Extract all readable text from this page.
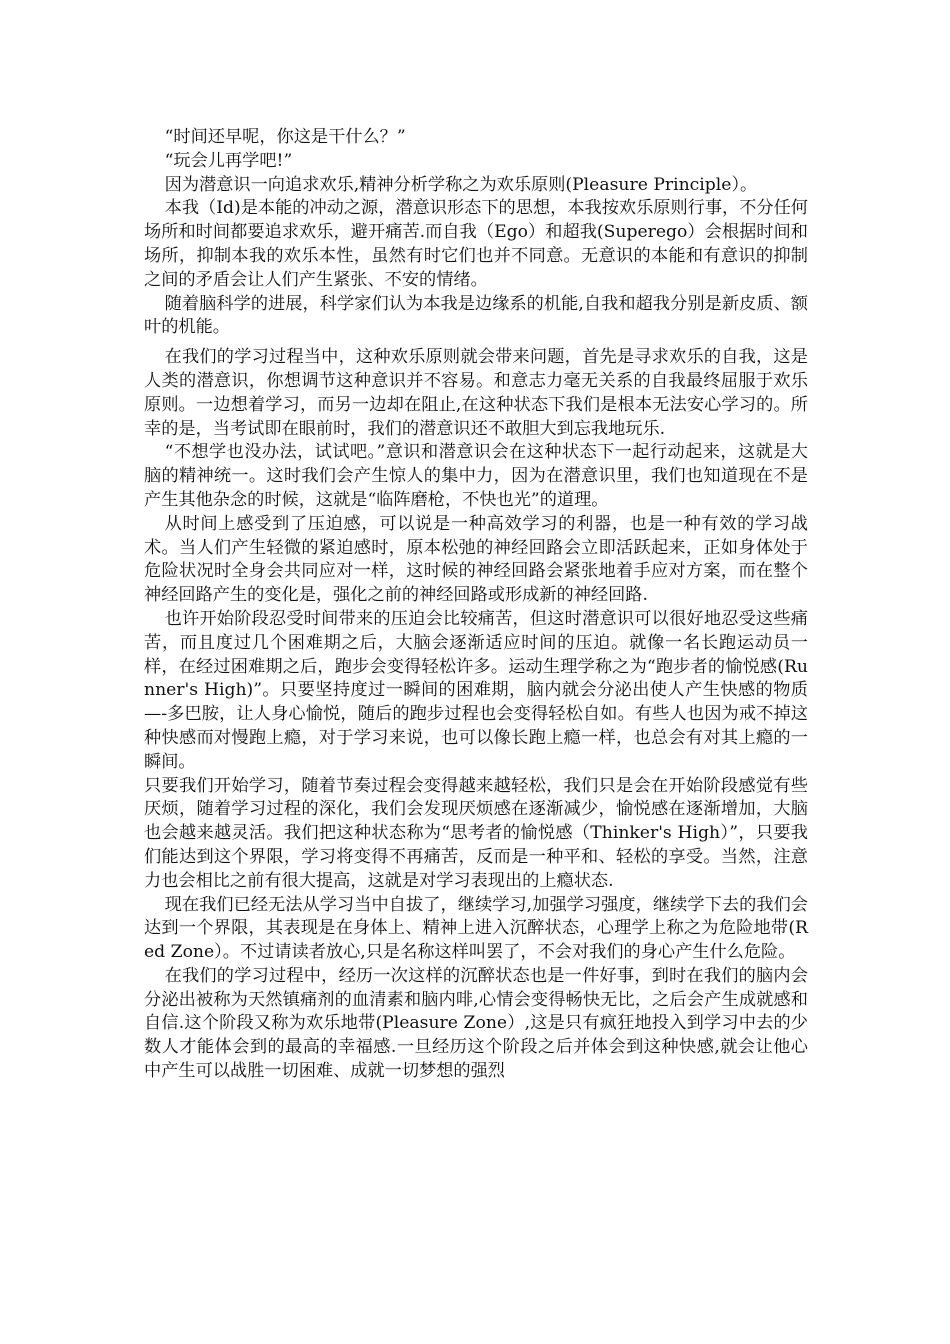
“时间还早呢，你这是干什么？”

“玩会儿再学吧!”

因为潜意识一向追求欢乐,精神分析学称之为欢乐原则(Pleasure Principle）。

本我（Id)是本能的冲动之源，潜意识形态下的思想，本我按欢乐原则行事，不分任何场所和时间都要追求欢乐，避开痛苦.而自我（Ego）和超我(Superego）会根据时间和场所，抑制本我的欢乐本性，虽然有时它们也并不同意。无意识的本能和有意识的抑制之间的矛盾会让人们产生紧张、不安的情绪。

随着脑科学的进展，科学家们认为本我是边缘系的机能,自我和超我分别是新皮质、额叶的机能。

在我们的学习过程当中，这种欢乐原则就会带来问题，首先是寻求欢乐的自我，这是人类的潜意识，你想调节这种意识并不容易。和意志力毫无关系的自我最终屈服于欢乐原则。一边想着学习，而另一边却在阻止,在这种状态下我们是根本无法安心学习的。所幸的是，当考试即在眼前时，我们的潜意识还不敢胆大到忘我地玩乐.

“不想学也没办法，试试吧。”意识和潜意识会在这种状态下一起行动起来，这就是大脑的精神统一。这时我们会产生惊人的集中力，因为在潜意识里，我们也知道现在不是产生其他杂念的时候，这就是“临阵磨枪，不快也光”的道理。

从时间上感受到了压迫感，可以说是一种高效学习的利器，也是一种有效的学习战术。当人们产生轻微的紧迫感时，原本松弛的神经回路会立即活跃起来，正如身体处于危险状况时全身会共同应对一样，这时候的神经回路会紧张地着手应对方案，而在整个神经回路产生的变化是，强化之前的神经回路或形成新的神经回路.

也许开始阶段忍受时间带来的压迫会比较痛苦，但这时潜意识可以很好地忍受这些痛苦，而且度过几个困难期之后，大脑会逐渐适应时间的压迫。就像一名长跑运动员一样，在经过困难期之后，跑步会变得轻松许多。运动生理学称之为“跑步者的愉悦感(Runner's High)”。只要坚持度过一瞬间的困难期，脑内就会分泌出使人产生快感的物质—-多巴胺，让人身心愉悦，随后的跑步过程也会变得轻松自如。有些人也因为戒不掉这种快感而对慢跑上瘾，对于学习来说，也可以像长跑上瘾一样，也总会有对其上瘾的一瞬间。

只要我们开始学习，随着节奏过程会变得越来越轻松，我们只是会在开始阶段感觉有些厌烦，随着学习过程的深化，我们会发现厌烦感在逐渐减少，愉悦感在逐渐增加，大脑也会越来越灵活。我们把这种状态称为“思考者的愉悦感（Thinker's High）”，只要我们能达到这个界限，学习将变得不再痛苦，反而是一种平和、轻松的享受。当然，注意力也会相比之前有很大提高，这就是对学习表现出的上瘾状态.

现在我们已经无法从学习当中自拔了，继续学习,加强学习强度，继续学下去的我们会达到一个界限，其表现是在身体上、精神上进入沉醉状态，心理学上称之为危险地带(Red Zone）。不过请读者放心,只是名称这样叫罢了，不会对我们的身心产生什么危险。

在我们的学习过程中，经历一次这样的沉醉状态也是一件好事，到时在我们的脑内会分泌出被称为天然镇痛剂的血清素和脑内啡,心情会变得畅快无比，之后会产生成就感和自信.这个阶段又称为欢乐地带(Pleasure Zone）,这是只有疯狂地投入到学习中去的少数人才能体会到的最高的幸福感.一旦经历这个阶段之后并体会到这种快感,就会让他心中产生可以战胜一切困难、成就一切梦想的强烈
